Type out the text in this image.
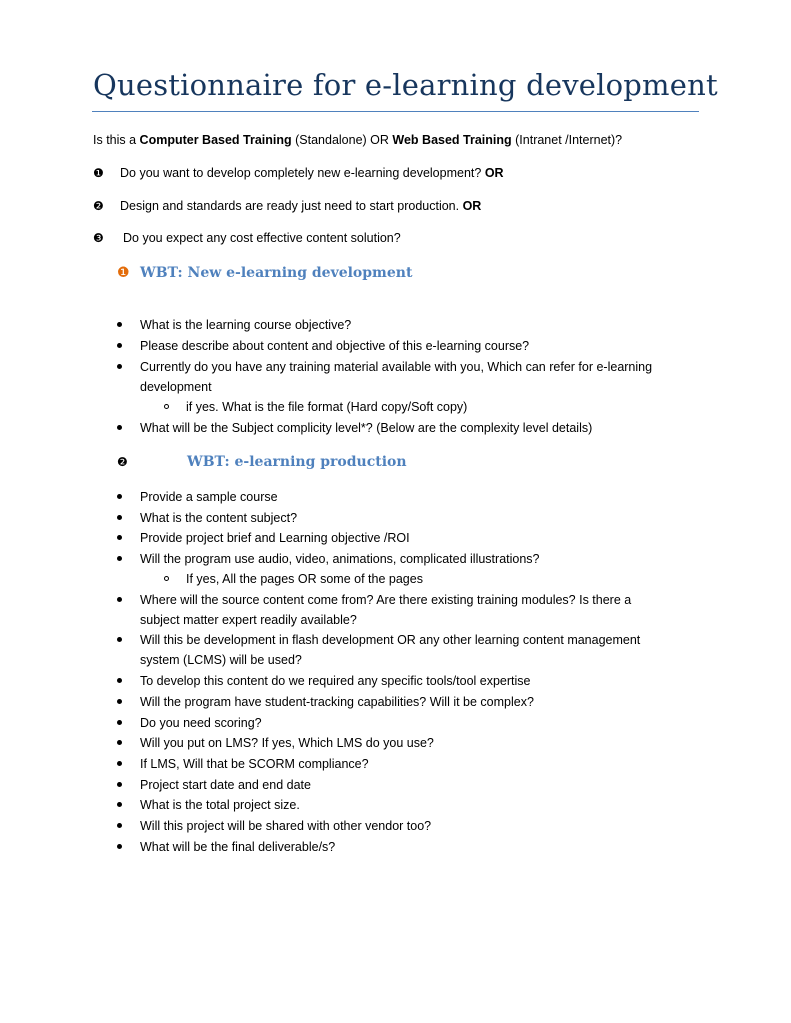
Questionnaire for e-learning development
Is this a Computer Based Training (Standalone) OR Web Based Training (Intranet /Internet)?
❶ Do you want to develop completely new e-learning development? OR
❷ Design and standards are ready just need to start production. OR
❸ Do you expect any cost effective content solution?
❶ WBT: New e-learning development
What is the learning course objective?
Please describe about content and objective of this e-learning course?
Currently do you have any training material available with you, Which can refer for e-learning
development
if yes. What is the file format (Hard copy/Soft copy)
What will be the Subject complicity level*? (Below are the complexity level details)
❷	WBT: e-learning production
Provide a sample course
What is the content subject?
Provide project brief and Learning objective /ROI
Will the program use audio, video, animations, complicated illustrations?
If yes, All the pages OR some of the pages
Where will the source content come from? Are there existing training modules? Is there a
subject matter expert readily available?
Will this be development in flash development OR any other learning content management
system (LCMS) will be used?
To develop this content do we required any specific tools/tool expertise
Will the program have student-tracking capabilities? Will it be complex?
Do you need scoring?
Will you put on LMS? If yes, Which LMS do you use?
If LMS, Will that be SCORM compliance?
Project start date and end date
What is the total project size.
Will this project will be shared with other vendor too?
What will be the final deliverable/s?
